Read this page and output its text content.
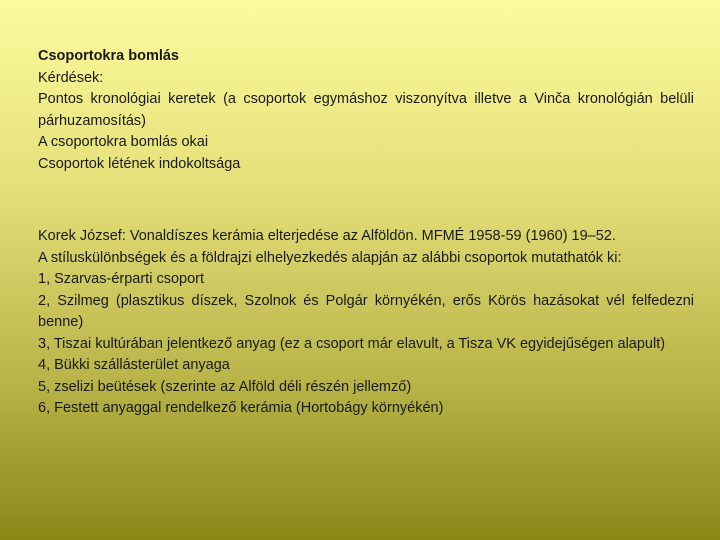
Csoportokra bomlás
Kérdések:
Pontos kronológiai keretek (a csoportok egymáshoz viszonyítva illetve a Vinča kronológián belüli párhuzamosítás)
A csoportokra bomlás okai
Csoportok létének indokoltsága
Korek József: Vonaldíszes kerámia elterjedése az Alföldön. MFMÉ 1958-59 (1960) 19–52.
A stíluskülönbségek és a földrajzi elhelyezkedés alapján az alábbi csoportok mutathatók ki:
1, Szarvas-érparti csoport
2, Szilmeg (plasztikus díszek, Szolnok és Polgár környékén, erős Körös hazásokat vél felfedezni benne)
3, Tiszai kultúrában jelentkező anyag (ez a csoport már elavult, a Tisza VK egyidejűségen alapult)
4, Bükki szállásterület anyaga
5, zselizi beütések (szerinte az Alföld déli részén jellemző)
6, Festett anyaggal rendelkező kerámia (Hortobágy környékén)
